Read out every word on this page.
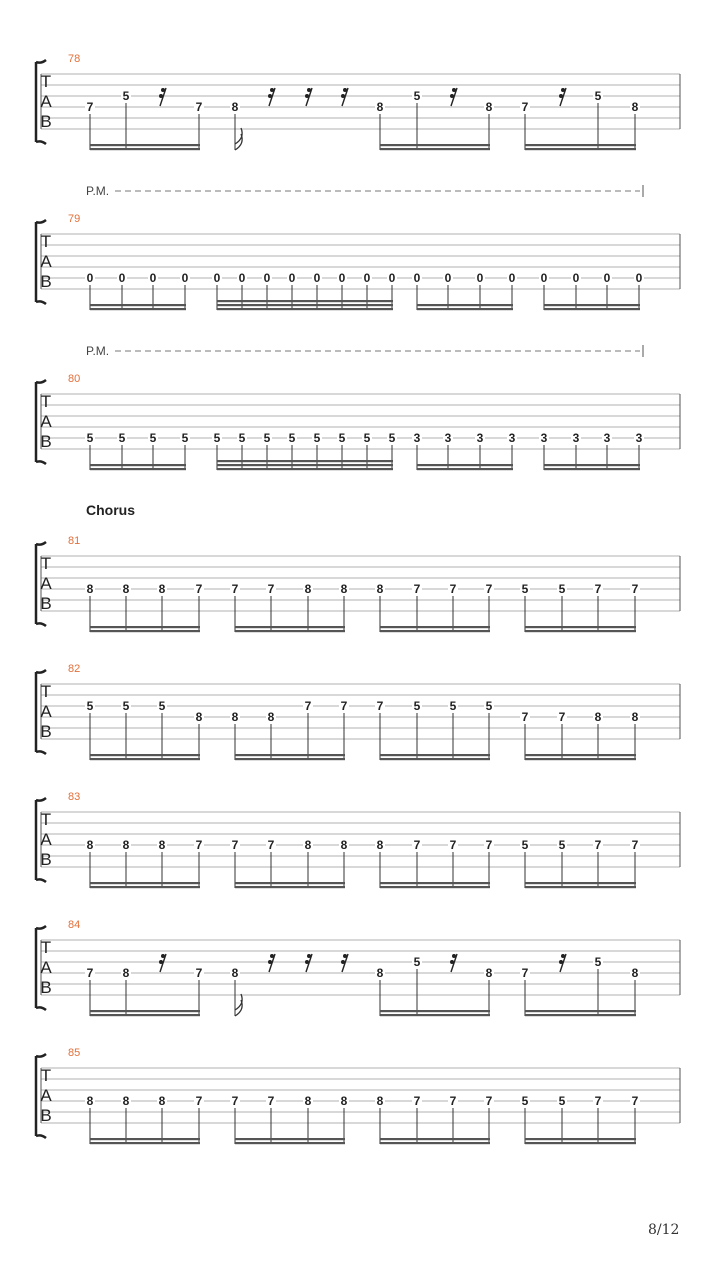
T
A
B
78
7
5
7 8	8
5
8 7
5
8
T
A
B
79
P.M.
0 0 0 0 0 0 0 0 0 0 0 0 0 0 0 0 0 0 0 0
T
A
B
80
P.M.
5 5 5 5 5 5 5 5 5 5 5 5 3 3 3 3 3 3 3 3
T
A
B
81
Chorus
8 8 8	7 7 7	8 8 8	7 7 7 5	5 7	7
T
A
B
82
5 5 5
8 8 8
7 7 7	5 5 5
7	7 8	8
T
A
B
83
8 8 8	7 7 7	8 8 8	7 7 7 5	5 7	7
T
A
B
84
7 8	7 8	8
5
8 7
5
8
T
A
B
85
8 8 8	7 7 7	8 8 8	7 7 7 5	5 7	7
8/12
